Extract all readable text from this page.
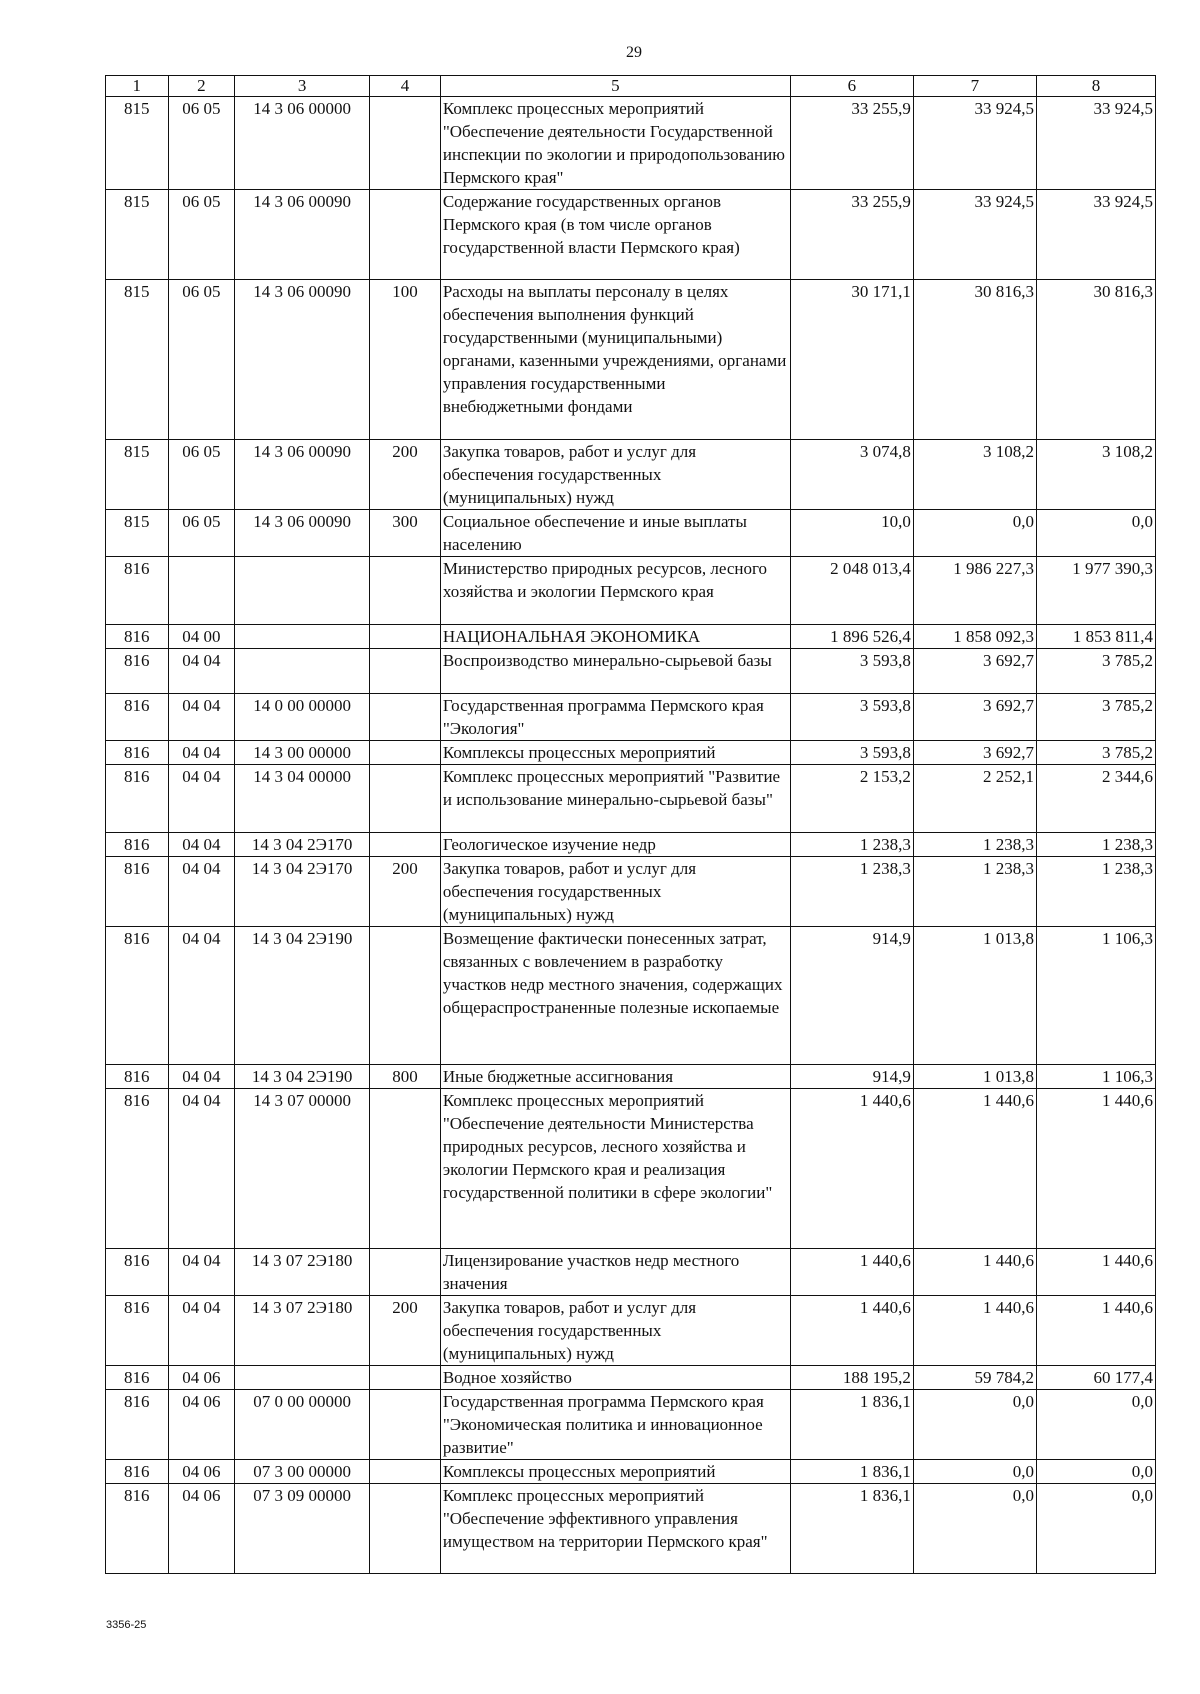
29
1	2	3	4	5	6	7	8
815	06 05	14 3 06 00000		Комплекс процессных мероприятий "Обеспечение деятельности Государственной инспекции по экологии и природопользованию Пермского края"	33 255,9	33 924,5	33 924,5
815	06 05	14 3 06 00090		Содержание государственных органов Пермского края (в том числе органов государственной власти Пермского края)	33 255,9	33 924,5	33 924,5
815	06 05	14 3 06 00090	100	Расходы на выплаты персоналу в целях обеспечения выполнения функций государственными (муниципальными) органами, казенными учреждениями, органами управления государственными внебюджетными фондами	30 171,1	30 816,3	30 816,3
815	06 05	14 3 06 00090	200	Закупка товаров, работ и услуг для обеспечения государственных (муниципальных) нужд	3 074,8	3 108,2	3 108,2
815	06 05	14 3 06 00090	300	Социальное обеспечение и иные выплаты населению	10,0	0,0	0,0
816				Министерство природных ресурсов, лесного хозяйства и экологии Пермского края	2 048 013,4	1 986 227,3	1 977 390,3
816	04 00			НАЦИОНАЛЬНАЯ ЭКОНОМИКА	1 896 526,4	1 858 092,3	1 853 811,4
816	04 04			Воспроизводство минерально-сырьевой базы	3 593,8	3 692,7	3 785,2
816	04 04	14 0 00 00000		Государственная программа Пермского края "Экология"	3 593,8	3 692,7	3 785,2
816	04 04	14 3 00 00000		Комплексы процессных мероприятий	3 593,8	3 692,7	3 785,2
816	04 04	14 3 04 00000		Комплекс процессных мероприятий "Развитие и использование минерально-сырьевой базы"	2 153,2	2 252,1	2 344,6
816	04 04	14 3 04 2Э170		Геологическое изучение недр	1 238,3	1 238,3	1 238,3
816	04 04	14 3 04 2Э170	200	Закупка товаров, работ и услуг для обеспечения государственных (муниципальных) нужд	1 238,3	1 238,3	1 238,3
816	04 04	14 3 04 2Э190		Возмещение фактически понесенных затрат, связанных с вовлечением в разработку участков недр местного значения, содержащих общераспространенные полезные ископаемые	914,9	1 013,8	1 106,3
816	04 04	14 3 04 2Э190	800	Иные бюджетные ассигнования	914,9	1 013,8	1 106,3
816	04 04	14 3 07 00000		Комплекс процессных мероприятий "Обеспечение деятельности Министерства природных ресурсов, лесного хозяйства и экологии Пермского края и реализация государственной политики в сфере экологии"	1 440,6	1 440,6	1 440,6
816	04 04	14 3 07 2Э180		Лицензирование участков недр местного значения	1 440,6	1 440,6	1 440,6
816	04 04	14 3 07 2Э180	200	Закупка товаров, работ и услуг для обеспечения государственных (муниципальных) нужд	1 440,6	1 440,6	1 440,6
816	04 06			Водное хозяйство	188 195,2	59 784,2	60 177,4
816	04 06	07 0 00 00000		Государственная программа Пермского края "Экономическая политика и инновационное развитие"	1 836,1	0,0	0,0
816	04 06	07 3 00 00000		Комплексы процессных мероприятий	1 836,1	0,0	0,0
816	04 06	07 3 09 00000		Комплекс процессных мероприятий "Обеспечение эффективного управления имуществом на территории Пермского края"	1 836,1	0,0	0,0
3356-25
